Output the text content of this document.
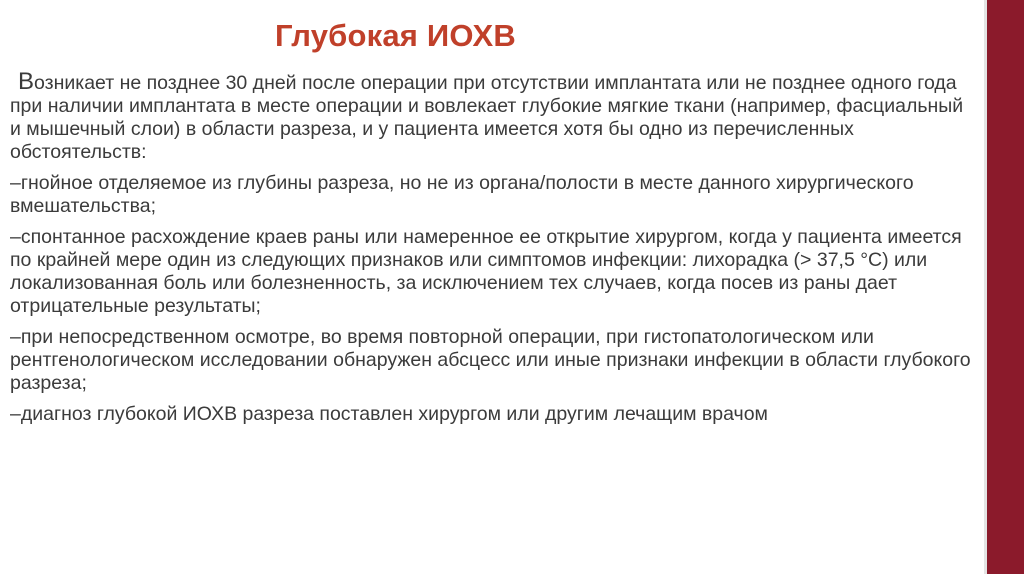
Глубокая ИОХВ

Возникает не позднее 30 дней после операции при отсутствии имплантата или не позднее одного года при наличии имплантата в месте операции и вовлекает глубокие мягкие ткани (например, фасциальный и мышечный слои) в области разреза, и у пациента имеется хотя бы одно из перечисленных обстоятельств:

–гнойное отделяемое из глубины разреза, но не из органа/полости в месте данного хирургического вмешательства;

–спонтанное расхождение краев раны или намеренное ее открытие хирургом, когда у пациента имеется по крайней мере один из следующих признаков или симптомов инфекции: лихорадка (> 37,5 °С) или локализованная боль или болезненность, за исключением тех случаев, когда посев из раны дает отрицательные результаты;

–при непосредственном осмотре, во время повторной операции, при гистопатологическом или рентгенологическом исследовании обнаружен абсцесс или иные признаки инфекции в области глубокого разреза;

–диагноз глубокой ИОХВ разреза поставлен хирургом или другим лечащим врачом
